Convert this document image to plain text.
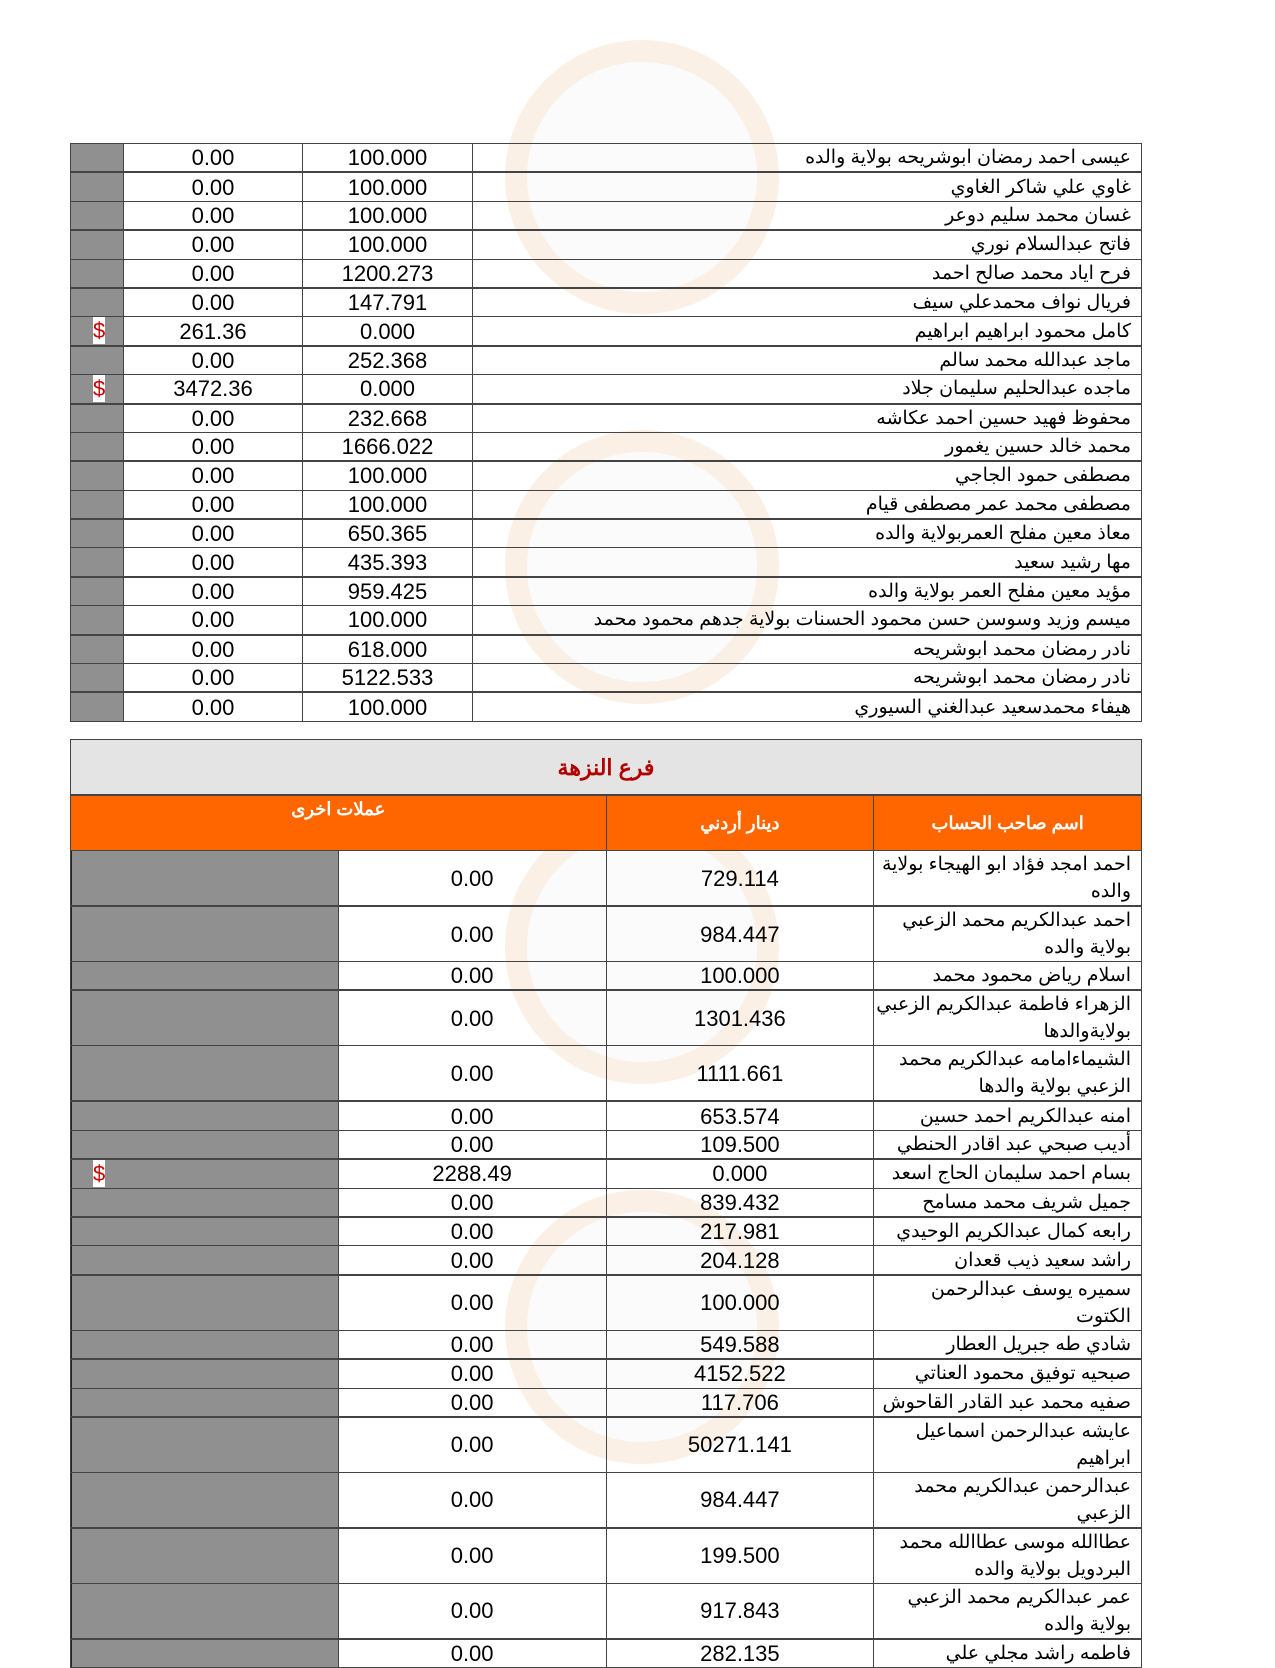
	0.00	100.000	عيسى احمد رمضان ابوشريحه بولاية والده
	0.00	100.000	غاوي علي شاكر الغاوي
	0.00	100.000	غسان محمد سليم دوعر
	0.00	100.000	فاتح عبدالسلام نوري
	0.00	1200.273	فرح اياد محمد صالح احمد
	0.00	147.791	فريال نواف محمدعلي سيف

$	261.36	0.000	كامل محمود ابراهيم ابراهيم
	0.00	252.368	ماجد عبدالله محمد سالم

$	3472.36	0.000	ماجده عبدالحليم سليمان جلاد
	0.00	232.668	محفوظ فهيد حسين احمد عكاشه
	0.00	1666.022	محمد خالد حسين يغمور
	0.00	100.000	مصطفى حمود الجاجي
	0.00	100.000	مصطفى محمد عمر مصطفى قيام
	0.00	650.365	معاذ معين مفلح العمربولاية والده
	0.00	435.393	مها رشيد سعيد
	0.00	959.425	مؤيد معين مفلح العمر بولاية والده
	0.00	100.000	ميسم وزيد وسوسن حسن محمود الحسنات بولاية جدهم محمود محمد
	0.00	618.000	نادر رمضان محمد ابوشريحه
	0.00	5122.533	نادر رمضان محمد ابوشريحه
	0.00	100.000	هيفاء محمدسعيد عبدالغني السيوري
فرع النزهة			
عملات اخرى		دينار أردني	اسم صاحب الحساب
	0.00	729.114	احمد امجد فؤاد ابو الهيجاء بولاية والده
	0.00	984.447	احمد عبدالكريم محمد الزعبي بولاية والده
	0.00	100.000	اسلام رياض محمود محمد
	0.00	1301.436	الزهراء فاطمة عبدالكريم الزعبي بولايةوالدها
	0.00	1111.661	الشيماءامامه عبدالكريم محمد الزعبي بولاية والدها
	0.00	653.574	امنه عبدالكريم احمد حسين
	0.00	109.500	أديب صبحي عبد اقادر الحنطي

$	2288.49	0.000	بسام احمد سليمان الحاج اسعد
	0.00	839.432	جميل شريف محمد مسامح
	0.00	217.981	رابعه كمال عبدالكريم الوحيدي
	0.00	204.128	راشد سعيد ذيب قعدان
	0.00	100.000	سميره يوسف عبدالرحمن الكتوت
	0.00	549.588	شادي طه جبريل العطار
	0.00	4152.522	صبحيه توفيق محمود العناتي
	0.00	117.706	صفيه محمد عبد القادر القاحوش
	0.00	50271.141	عايشه عبدالرحمن اسماعيل ابراهيم
	0.00	984.447	عبدالرحمن عبدالكريم محمد الزعبي
	0.00	199.500	عطاالله موسى عطاالله محمد البردويل بولاية والده
	0.00	917.843	عمر عبدالكريم محمد الزعبي بولاية والده
	0.00	282.135	فاطمه راشد مجلي علي
